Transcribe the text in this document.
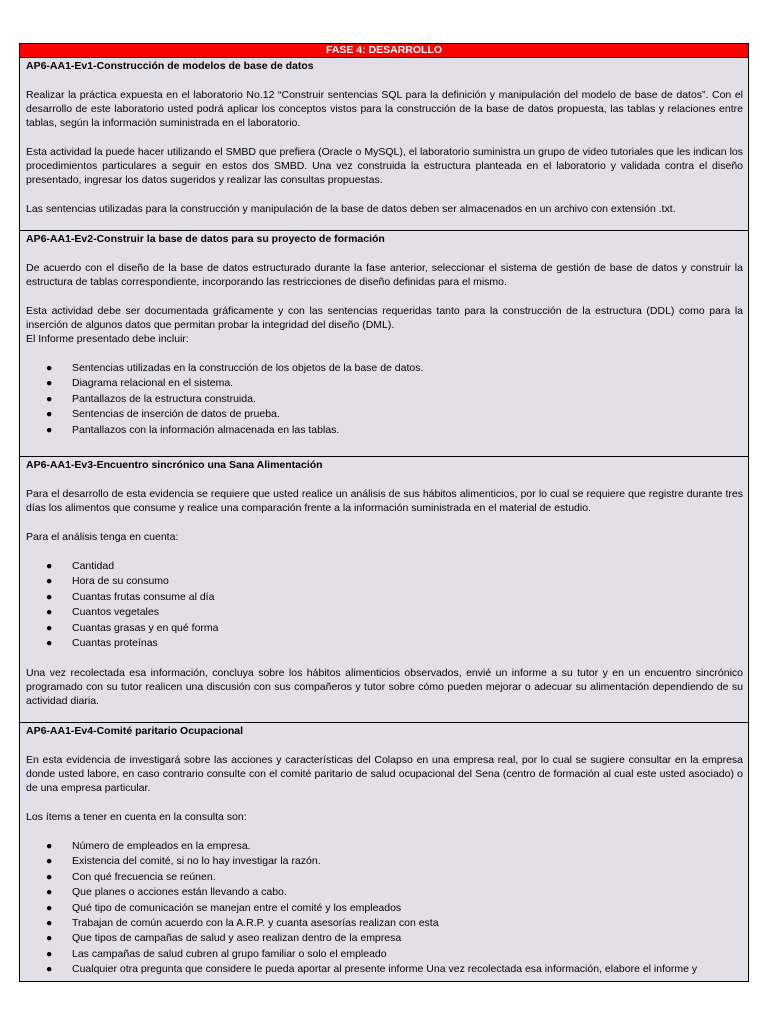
FASE 4: DESARROLLO
AP6-AA1-Ev1-Construcción de modelos de base de datos

Realizar la práctica expuesta en el laboratorio No.12 “Construir sentencias SQL para la definición y manipulación del modelo de base de datos”. Con el desarrollo de este laboratorio usted podrá aplicar los conceptos vistos para la construcción de la base de datos propuesta, las tablas y relaciones entre tablas, según la información suministrada en el laboratorio.

Esta actividad la puede hacer utilizando el SMBD que prefiera (Oracle o MySQL), el laboratorio suministra un grupo de video tutoriales que les indican los procedimientos particulares a seguir en estos dos SMBD. Una vez construida la estructura planteada en el laboratorio y validada contra el diseño presentado, ingresar los datos sugeridos y realizar las consultas propuestas.

Las sentencias utilizadas para la construcción y manipulación de la base de datos deben ser almacenados en un archivo con extensión .txt.

AP6-AA1-Ev2-Construir la base de datos para su proyecto de formación

De acuerdo con el diseño de la base de datos estructurado durante la fase anterior, seleccionar el sistema de gestión de base de datos y construir la estructura de tablas correspondiente, incorporando las restricciones de diseño definidas para el mismo.

Esta actividad debe ser documentada gráficamente y con las sentencias requeridas tanto para la construcción de la estructura (DDL) como para la inserción de algunos datos que permitan probar la integridad del diseño (DML).

El Informe presentado debe incluir:

● Sentencias utilizadas en la construcción de los objetos de la base de datos.
● Diagrama relacional en el sistema.
● Pantallazos de la estructura construida.
● Sentencias de inserción de datos de prueba.
● Pantallazos con la información almacenada en las tablas.
AP6-AA1-Ev3-Encuentro sincrónico una Sana Alimentación

Para el desarrollo de esta evidencia se requiere que usted realice un análisis de sus hábitos alimenticios, por lo cual se requiere que registre durante tres días los alimentos que consume y realice una comparación frente a la información suministrada en el material de estudio.

Para el análisis tenga en cuenta:

● Cantidad
● Hora de su consumo
● Cuantas frutas consume al día
● Cuantos vegetales
● Cuantas grasas y en qué forma
● Cuantas proteínas

Una vez recolectada esa información, concluya sobre los hábitos alimenticios observados, envié un informe a su tutor y en un encuentro sincrónico programado con su tutor realicen una discusión con sus compañeros y tutor sobre cómo pueden mejorar o adecuar su alimentación dependiendo de su actividad diaria.

AP6-AA1-Ev4-Comité paritario Ocupacional

En esta evidencia de investigará sobre las acciones y características del Colapso en una empresa real, por lo cual se sugiere consultar en la empresa donde usted labore, en caso contrario consulte con el comité paritario de salud ocupacional del Sena (centro de formación al cual este usted asociado) o de una empresa particular.

Los ítems a tener en cuenta en la consulta son:

● Número de empleados en la empresa.
● Existencia del comité, si no lo hay investigar la razón.
● Con qué frecuencia se reúnen.
● Que planes o acciones están llevando a cabo.
● Qué tipo de comunicación se manejan entre el comité y los empleados
● Trabajan de común acuerdo con la A.R.P. y cuanta asesorías realizan con esta
● Que tipos de campañas de salud y aseo realizan dentro de la empresa
● Las campañas de salud cubren al grupo familiar o solo el empleado
● Cualquier otra pregunta que considere le pueda aportar al presente informe Una vez recolectada esa información, elabore el informe y
